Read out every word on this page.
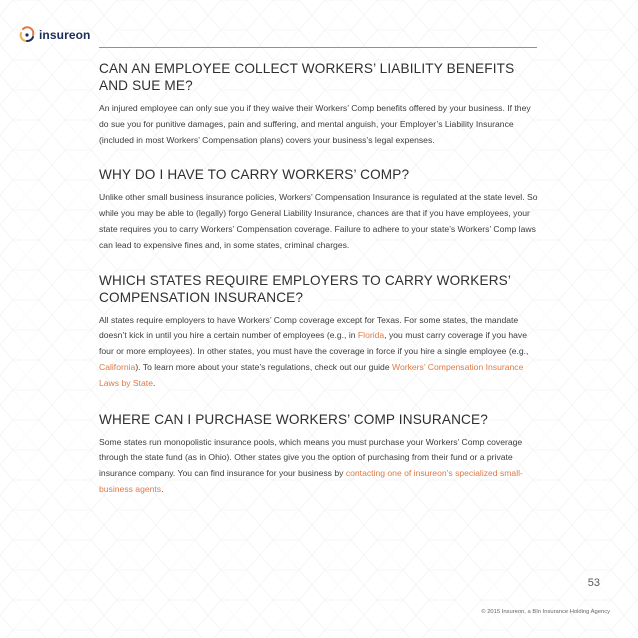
insureon
CAN AN EMPLOYEE COLLECT WORKERS’ LIABILITY BENEFITS AND SUE ME?

An injured employee can only sue you if they waive their Workers’ Comp benefits offered by your business. If they do sue you for punitive damages, pain and suffering, and mental anguish, your Employer’s Liability Insurance (included in most Workers’ Compensation plans) covers your business’s legal expenses.

WHY DO I HAVE TO CARRY WORKERS’ COMP?

Unlike other small business insurance policies, Workers’ Compensation Insurance is regulated at the state level. So while you may be able to (legally) forgo General Liability Insurance, chances are that if you have employees, your state requires you to carry Workers’ Compensation coverage. Failure to adhere to your state’s Workers’ Comp laws can lead to expensive fines and, in some states, criminal charges.

WHICH STATES REQUIRE EMPLOYERS TO CARRY WORKERS’ COMPENSATION INSURANCE?

All states require employers to have Workers’ Comp coverage except for Texas. For some states, the mandate doesn’t kick in until you hire a certain number of employees (e.g., in Florida, you must carry coverage if you have four or more employees). In other states, you must have the coverage in force if you hire a single employee (e.g., California). To learn more about your state’s regulations, check out our guide Workers’ Compensation Insurance Laws by State.

WHERE CAN I PURCHASE WORKERS’ COMP INSURANCE?

Some states run monopolistic insurance pools, which means you must purchase your Workers’ Comp coverage through the state fund (as in Ohio). Other states give you the option of purchasing from their fund or a private insurance company. You can find insurance for your business by contacting one of insureon’s specialized small-business agents.

53
© 2015 Insureon, a BIn Insurance Holding Agency
